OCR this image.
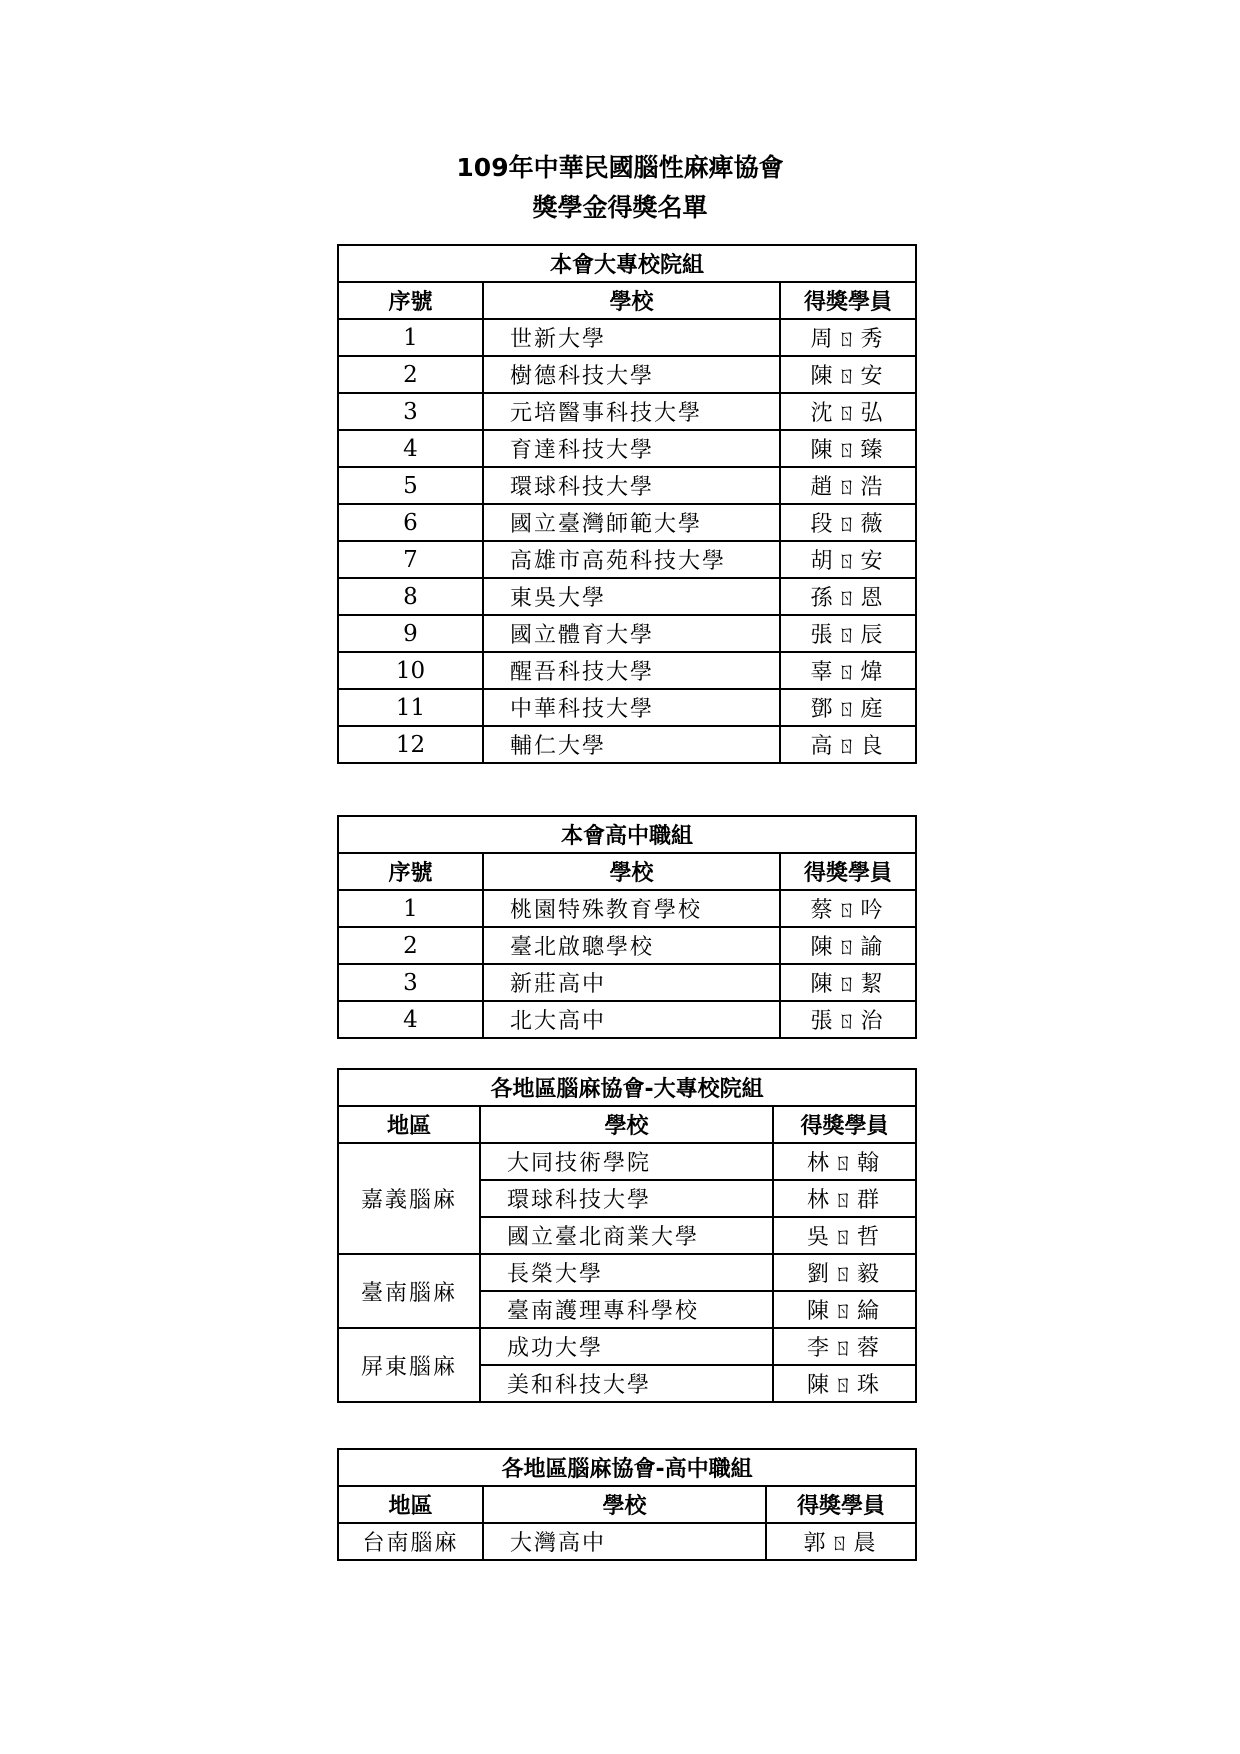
109年中華民國腦性麻痺協會
獎學金得獎名單
本會大專校院組		
序號	學校	得獎學員
1	世新大學	周ㄖ秀
2	樹德科技大學	陳ㄖ安
3	元培醫事科技大學	沈ㄖ弘
4	育達科技大學	陳ㄖ臻
5	環球科技大學	趙ㄖ浩
6	國立臺灣師範大學	段ㄖ薇
7	高雄市高苑科技大學	胡ㄖ安
8	東吳大學	孫ㄖ恩
9	國立體育大學	張ㄖ辰
10	醒吾科技大學	辜ㄖ煒
11	中華科技大學	鄧ㄖ庭
12	輔仁大學	高ㄖ良
本會高中職組		
序號	學校	得獎學員
1	桃園特殊教育學校	蔡ㄖ吟
2	臺北啟聰學校	陳ㄖ諭
3	新莊高中	陳ㄖ絜
4	北大高中	張ㄖ治
各地區腦麻協會-大專校院組		
地區	學校	得獎學員
嘉義腦麻	大同技術學院	林ㄖ翰
	環球科技大學	林ㄖ群
	國立臺北商業大學	吳ㄖ哲
臺南腦麻	長榮大學	劉ㄖ毅
	臺南護理專科學校	陳ㄖ綸
屏東腦麻	成功大學	李ㄖ蓉
	美和科技大學	陳ㄖ珠
各地區腦麻協會-高中職組		
地區	學校	得獎學員
台南腦麻	大灣高中	郭ㄖ晨
